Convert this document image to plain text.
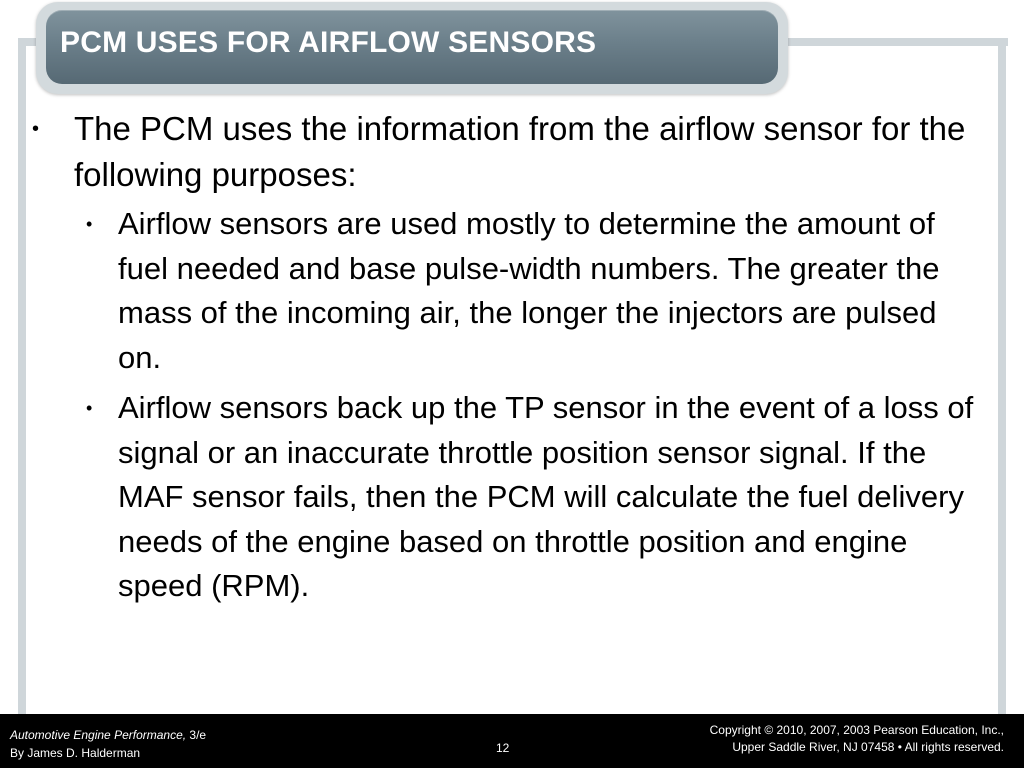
PCM USES FOR AIRFLOW SENSORS

• The PCM uses the information from the airflow sensor for the following purposes:

• Airflow sensors are used mostly to determine the amount of fuel needed and base pulse-width numbers. The greater the mass of the incoming air, the longer the injectors are pulsed on.
• Airflow sensors back up the TP sensor in the event of a loss of signal or an inaccurate throttle position sensor signal. If the MAF sensor fails, then the PCM will calculate the fuel delivery needs of the engine based on throttle position and engine speed (RPM).
Automotive Engine Performance, 3/e
By James D. Halderman	12
Copyright © 2010, 2007, 2003 Pearson Education, Inc.,
Upper Saddle River, NJ 07458 • All rights reserved.
